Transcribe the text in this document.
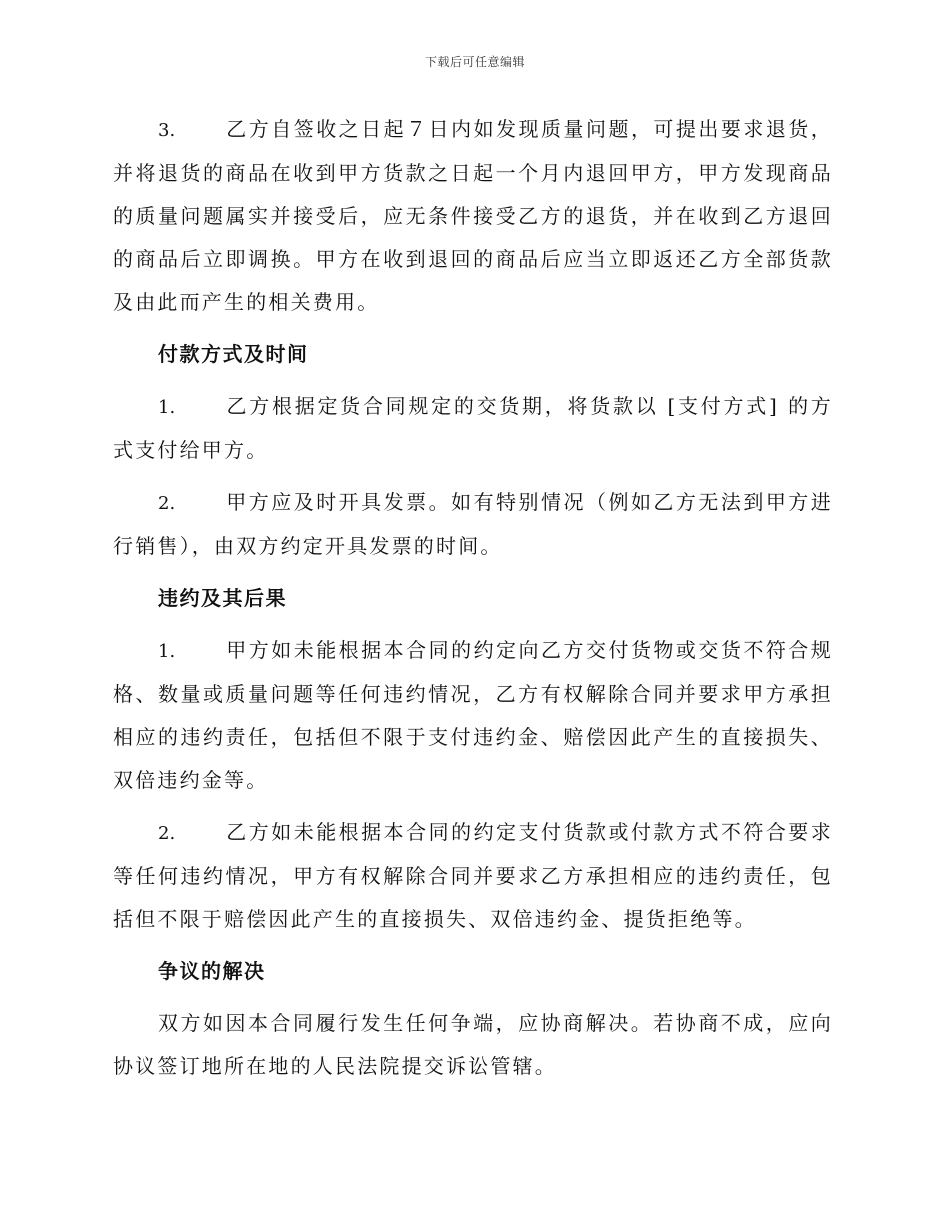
下载后可任意编辑

3.	乙方自签收之日起７日内如发现质量问题，可提出要求退货，并将退货的商品在收到甲方货款之日起一个月内退回甲方，甲方发现商品的质量问题属实并接受后，应无条件接受乙方的退货，并在收到乙方退回的商品后立即调换。甲方在收到退回的商品后应当立即返还乙方全部货款及由此而产生的相关费用。

付款方式及时间

1.	乙方根据定货合同规定的交货期，将货款以 [支付方式] 的方式支付给甲方。

2.	甲方应及时开具发票。如有特别情况（例如乙方无法到甲方进行销售），由双方约定开具发票的时间。

违约及其后果

1.	甲方如未能根据本合同的约定向乙方交付货物或交货不符合规格、数量或质量问题等任何违约情况，乙方有权解除合同并要求甲方承担相应的违约责任，包括但不限于支付违约金、赔偿因此产生的直接损失、双倍违约金等。

2.	乙方如未能根据本合同的约定支付货款或付款方式不符合要求等任何违约情况，甲方有权解除合同并要求乙方承担相应的违约责任，包括但不限于赔偿因此产生的直接损失、双倍违约金、提货拒绝等。

争议的解决

双方如因本合同履行发生任何争端，应协商解决。若协商不成，应向协议签订地所在地的人民法院提交诉讼管辖。
